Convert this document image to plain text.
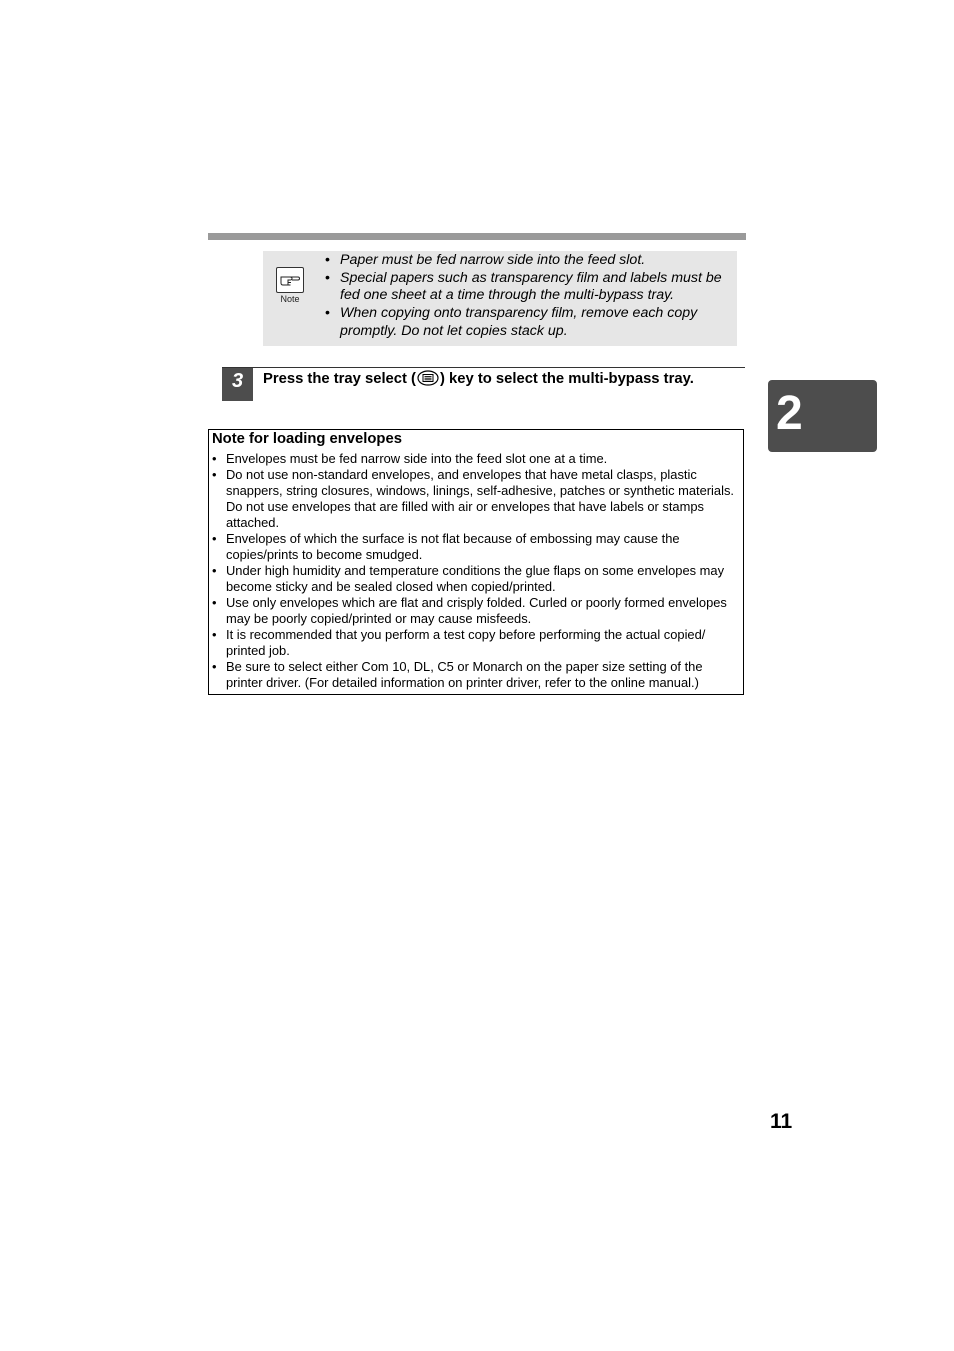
Note
• Paper must be fed narrow side into the feed slot.
• Special papers such as transparency film and labels must be fed one sheet at a time through the multi-bypass tray.
• When copying onto transparency film, remove each copy promptly. Do not let copies stack up.
3	Press the tray select ( ) key to select the multi-bypass tray.
2
Note for loading envelopes
• Envelopes must be fed narrow side into the feed slot one at a time.
• Do not use non-standard envelopes, and envelopes that have metal clasps, plastic snappers, string closures, windows, linings, self-adhesive, patches or synthetic materials. Do not use envelopes that are filled with air or envelopes that have labels or stamps attached.
• Envelopes of which the surface is not flat because of embossing may cause the copies/prints to become smudged.
• Under high humidity and temperature conditions the glue flaps on some envelopes may become sticky and be sealed closed when copied/printed.
• Use only envelopes which are flat and crisply folded. Curled or poorly formed envelopes may be poorly copied/printed or may cause misfeeds.
• It is recommended that you perform a test copy before performing the actual copied/ printed job.
• Be sure to select either Com 10, DL, C5 or Monarch on the paper size setting of the printer driver. (For detailed information on printer driver, refer to the online manual.)
11
